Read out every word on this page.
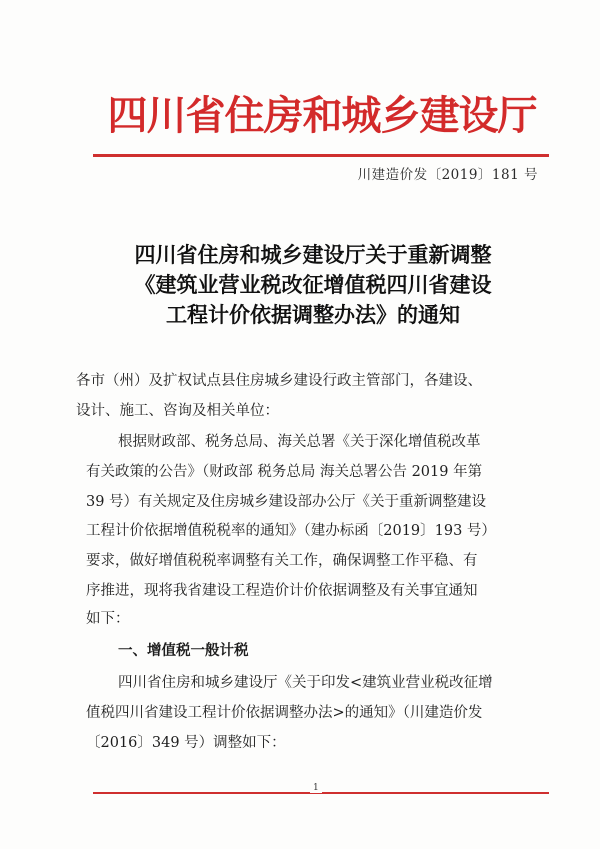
四川省住房和城乡建设厅
川建造价发〔2019〕181 号
四川省住房和城乡建设厅关于重新调整
《建筑业营业税改征增值税四川省建设
工程计价依据调整办法》的通知
各市（州）及扩权试点县住房城乡建设行政主管部门，各建设、
设计、施工、咨询及相关单位：
根据财政部、税务总局、海关总署《关于深化增值税改革
有关政策的公告》（财政部 税务总局 海关总署公告 2019 年第
39 号）有关规定及住房城乡建设部办公厅《关于重新调整建设
工程计价依据增值税税率的通知》（建办标函〔2019〕193 号）
要求，做好增值税税率调整有关工作，确保调整工作平稳、有
序推进，现将我省建设工程造价计价依据调整及有关事宜通知
如下：
一、增值税一般计税
四川省住房和城乡建设厅《关于印发<建筑业营业税改征增
值税四川省建设工程计价依据调整办法>的通知》（川建造价发
〔2016〕349 号）调整如下：
1
